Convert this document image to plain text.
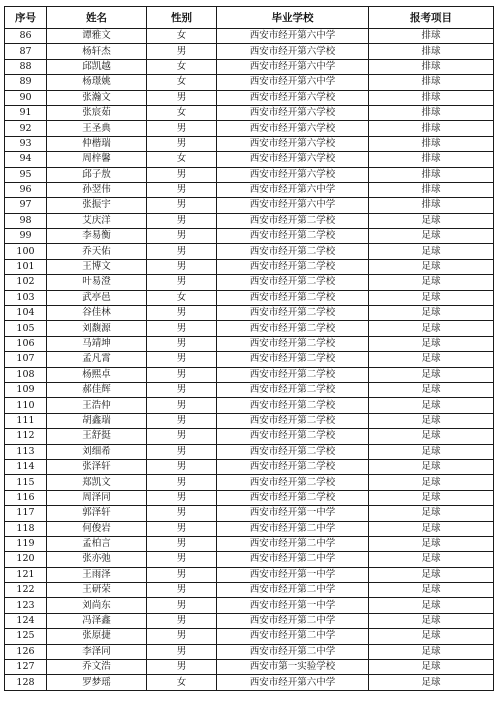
序号	姓名	性别	毕业学校	报考项目
86	谭雅文	女	西安市经开第六中学	排球
87	杨轩杰	男	西安市经开第六学校	排球
88	邱凯越	女	西安市经开第六中学	排球
89	杨璟姚	女	西安市经开第六中学	排球
90	张瀚文	男	西安市经开第六学校	排球
91	张宸茹	女	西安市经开第六学校	排球
92	王圣典	男	西安市经开第六学校	排球
93	仲楷瑞	男	西安市经开第六学校	排球
94	周梓馨	女	西安市经开第六学校	排球
95	邱子敖	男	西安市经开第六学校	排球
96	孙翌伟	男	西安市经开第六中学	排球
97	张振宇	男	西安市经开第六中学	排球
98	艾庆洋	男	西安市经开第二学校	足球
99	李易衡	男	西安市经开第二学校	足球
100	乔天佑	男	西安市经开第二学校	足球
101	王博文	男	西安市经开第二学校	足球
102	叶易澄	男	西安市经开第二学校	足球
103	武亭邑	女	西安市经开第二学校	足球
104	谷佳林	男	西安市经开第二学校	足球
105	刘馥源	男	西安市经开第二学校	足球
106	马靖坤	男	西安市经开第二学校	足球
107	孟凡霄	男	西安市经开第二学校	足球
108	杨熙卓	男	西安市经开第二学校	足球
109	郝佳辉	男	西安市经开第二学校	足球
110	王浩仲	男	西安市经开第二学校	足球
111	胡鑫瑞	男	西安市经开第二学校	足球
112	王舒挺	男	西安市经开第二学校	足球
113	刘细希	男	西安市经开第二学校	足球
114	张泽轩	男	西安市经开第二学校	足球
115	郑凯文	男	西安市经开第二学校	足球
116	周泽同	男	西安市经开第二学校	足球
117	郭泽轩	男	西安市经开第一中学	足球
118	何俊岩	男	西安市经开第二中学	足球
119	孟柏言	男	西安市经开第二中学	足球
120	张亦弛	男	西安市经开第二中学	足球
121	王雨泽	男	西安市经开第一中学	足球
122	王研荣	男	西安市经开第二中学	足球
123	刘尚东	男	西安市经开第一中学	足球
124	冯泽鑫	男	西安市经开第二中学	足球
125	张原捷	男	西安市经开第二中学	足球
126	李泽同	男	西安市经开第二中学	足球
127	乔文浩	男	西安市第一实验学校	足球
128	罗梦瑶	女	西安市经开第六中学	足球
